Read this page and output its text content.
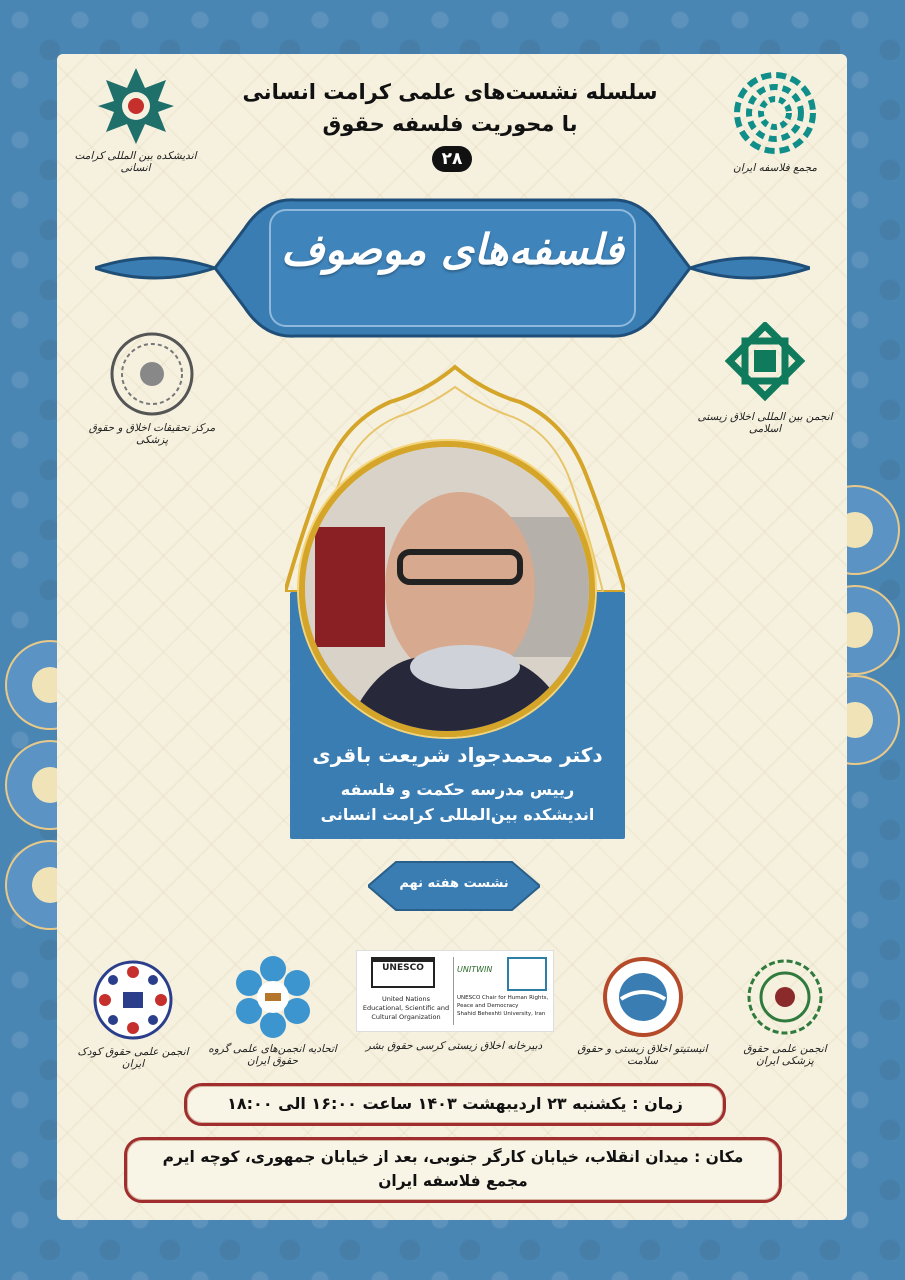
سلسله نشست‌های علمی کرامت انسانی
با محوریت فلسفه حقوق
۲۸
اندیشکده بین المللی کرامت انسانی	مجمع فلاسفه ایران
فلسفه‌های موصوف
مرکز تحقیقات اخلاق و حقوق پزشکی
انجمن بین المللی اخلاق زیستی اسلامی
دکتر محمدجواد شریعت باقری
رییس مدرسه حکمت و فلسفه
اندیشکده بین‌المللی کرامت انسانی
نشست هفته نهم
انجمن علمی حقوق کودک ایران
اتحادیه انجمن‌های علمی گروه حقوق ایران
UNESCO
United Nations
Educational, Scientific and
Cultural Organization
UNITWIN
UNESCO Chair for Human Rights,
Peace and Democracy
Shahid Beheshti University, Iran
دبیرخانه اخلاق زیستی کرسی حقوق بشر	انیستیتو اخلاق زیستی و حقوق سلامت
انجمن علمی حقوق پزشکی ایران
زمان : یکشنبه ۲۳ اردیبهشت ۱۴۰۳ ساعت ۱۶:۰۰ الی ۱۸:۰۰
مکان : میدان انقلاب، خیابان کارگر جنوبی، بعد از خیابان جمهوری، کوچه ایرم
مجمع فلاسفه ایران
